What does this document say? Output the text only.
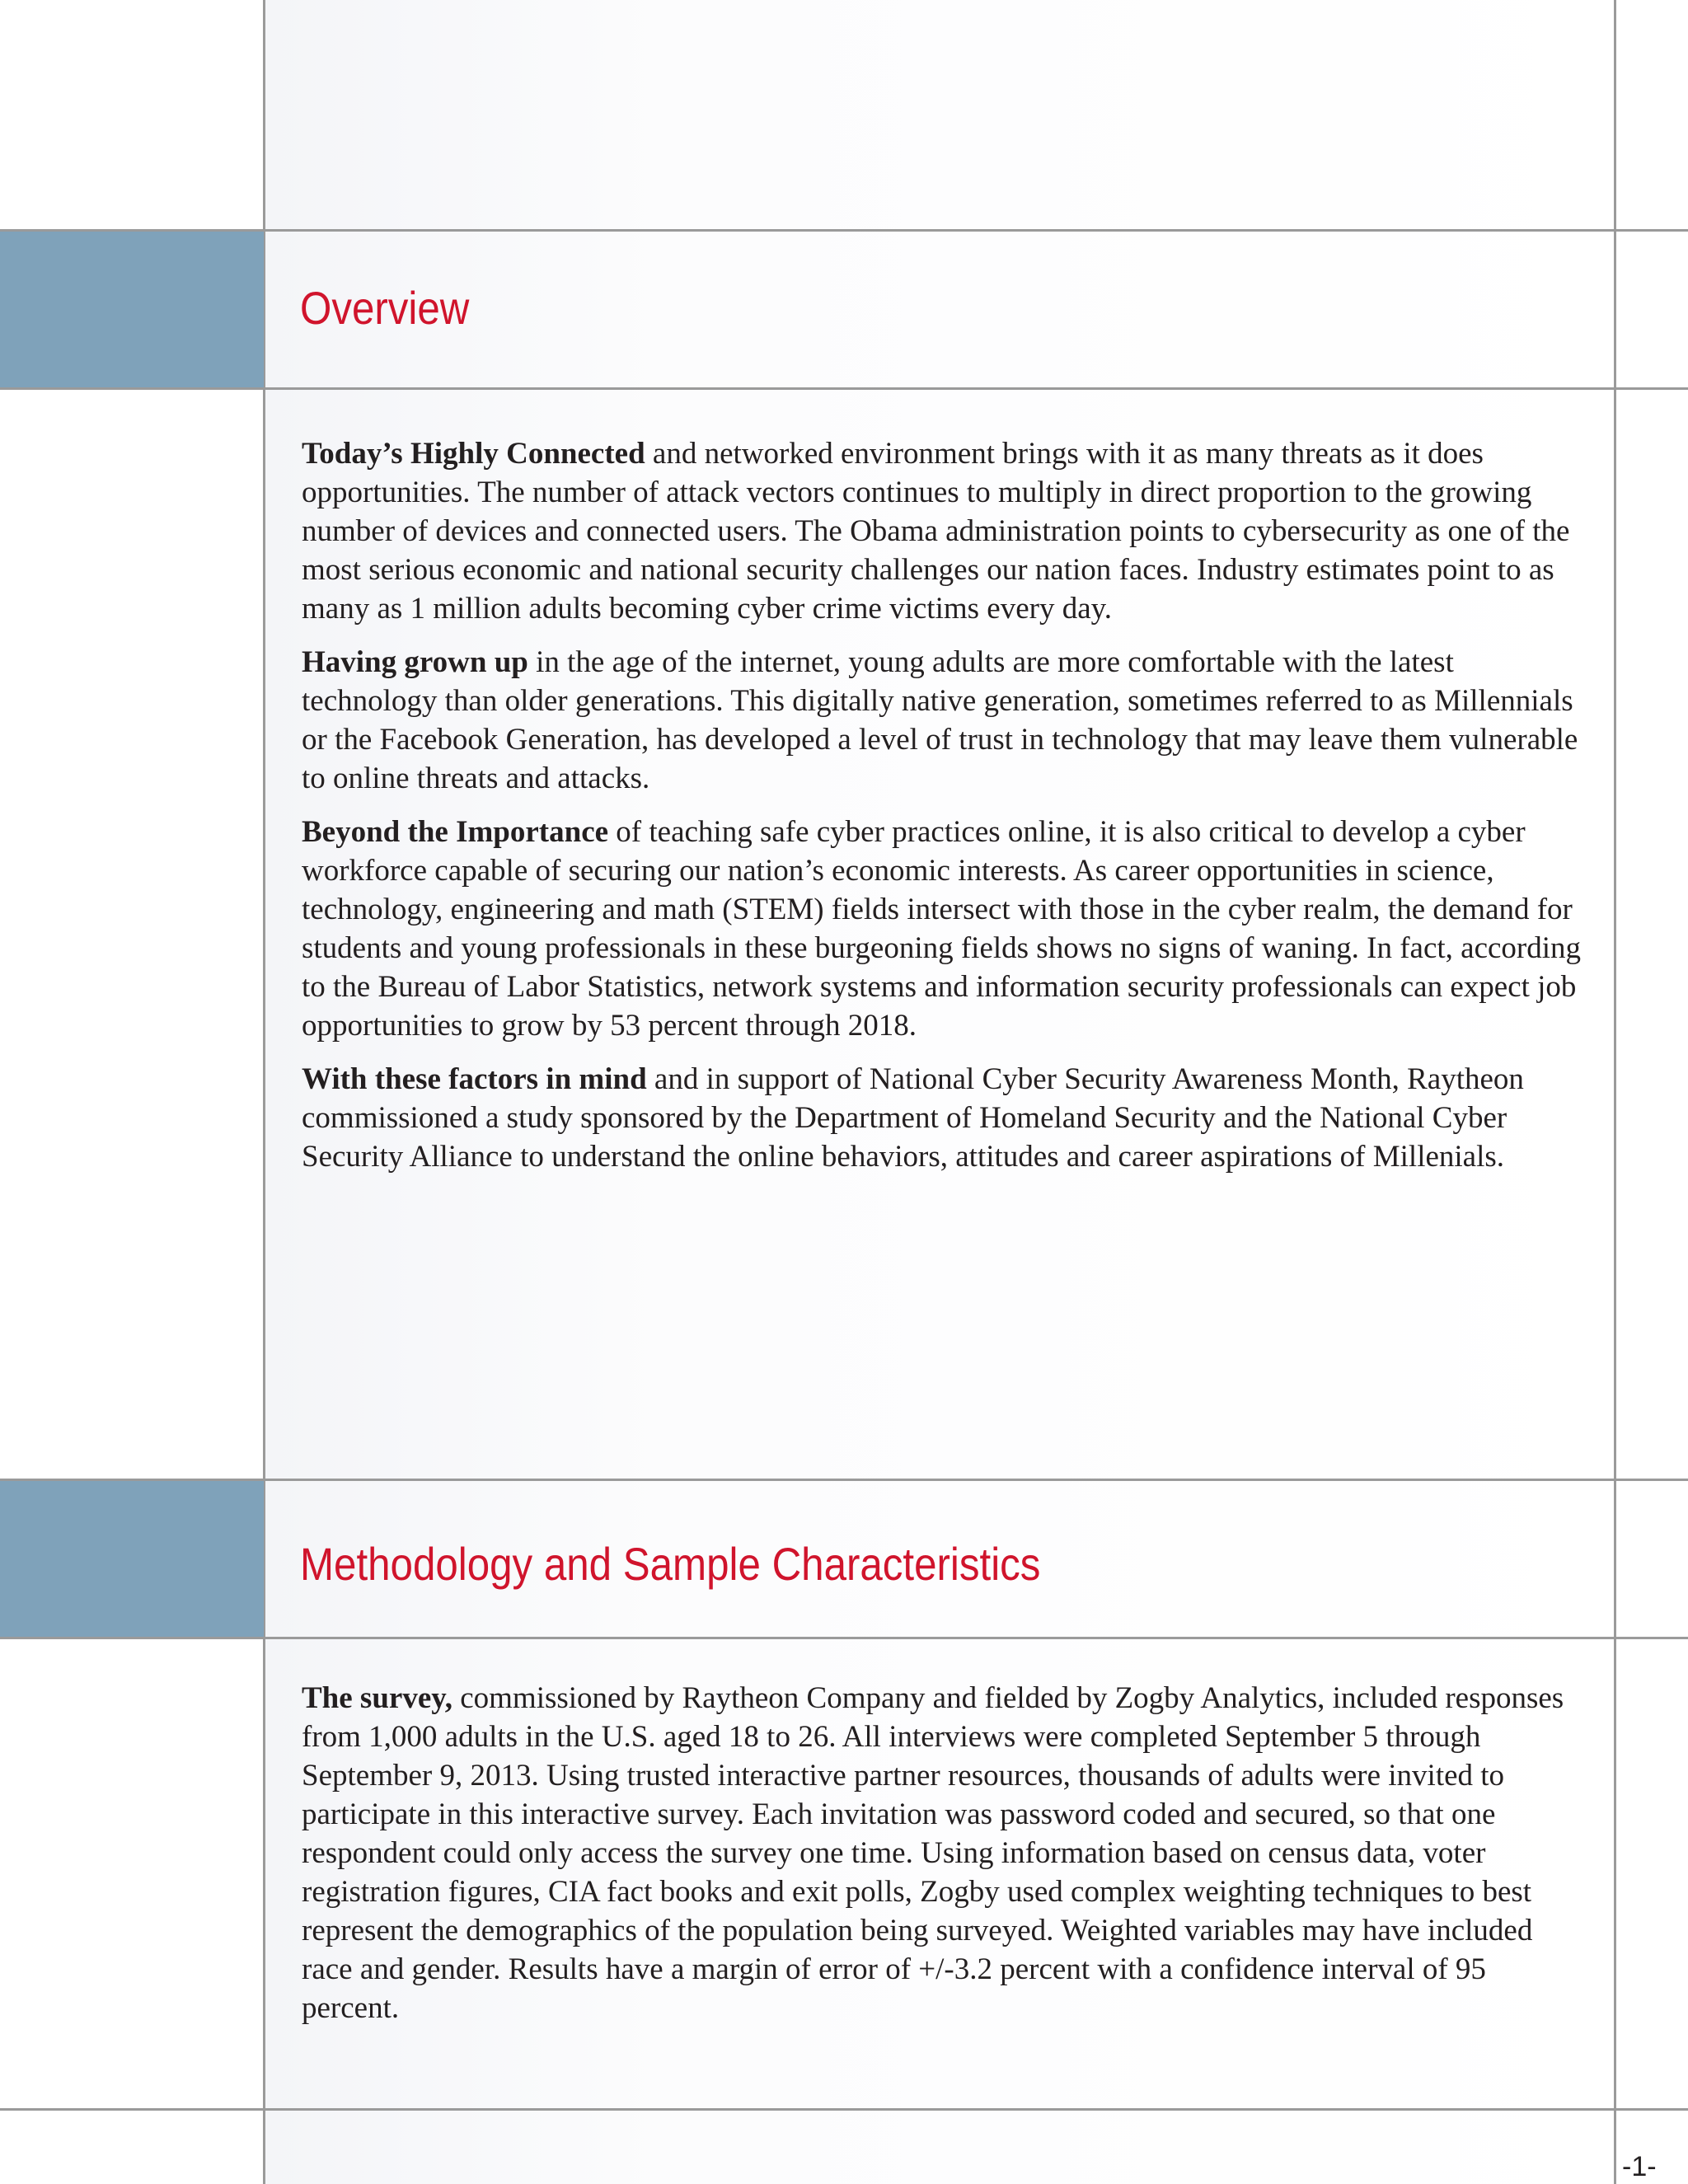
Overview

Today’s Highly Connected and networked environment brings with it as many threats as it does opportunities. The number of attack vectors continues to multiply in direct proportion to the growing number of devices and connected users. The Obama administration points to cybersecurity as one of the most serious economic and national security challenges our nation faces. Industry estimates point to as many as 1 million adults becoming cyber crime victims every day.

Having grown up in the age of the internet, young adults are more comfortable with the latest technology than older generations. This digitally native generation, sometimes referred to as Millennials or the Facebook Generation, has developed a level of trust in technology that may leave them vulnerable to online threats and attacks.

Beyond the Importance of teaching safe cyber practices online, it is also critical to develop a cyber workforce capable of securing our nation’s economic interests. As career opportunities in science, technology, engineering and math (STEM) fields intersect with those in the cyber realm, the demand for students and young professionals in these burgeoning fields shows no signs of waning. In fact, according to the Bureau of Labor Statistics, network systems and information security professionals can expect job opportunities to grow by 53 percent through 2018.

With these factors in mind and in support of National Cyber Security Awareness Month, Raytheon commissioned a study sponsored by the Department of Homeland Security and the National Cyber Security Alliance to understand the online behaviors, attitudes and career aspirations of Millenials.

Methodology and Sample Characteristics

The survey, commissioned by Raytheon Company and fielded by Zogby Analytics, included responses from 1,000 adults in the U.S. aged 18 to 26. All interviews were completed September 5 through September 9, 2013. Using trusted interactive partner resources, thousands of adults were invited to participate in this interactive survey. Each invitation was password coded and secured, so that one respondent could only access the survey one time. Using information based on census data, voter registration figures, CIA fact books and exit polls, Zogby used complex weighting techniques to best represent the demographics of the population being surveyed. Weighted variables may have included race and gender. Results have a margin of error of +/-3.2 percent with a confidence interval of 95 percent.

-1-
